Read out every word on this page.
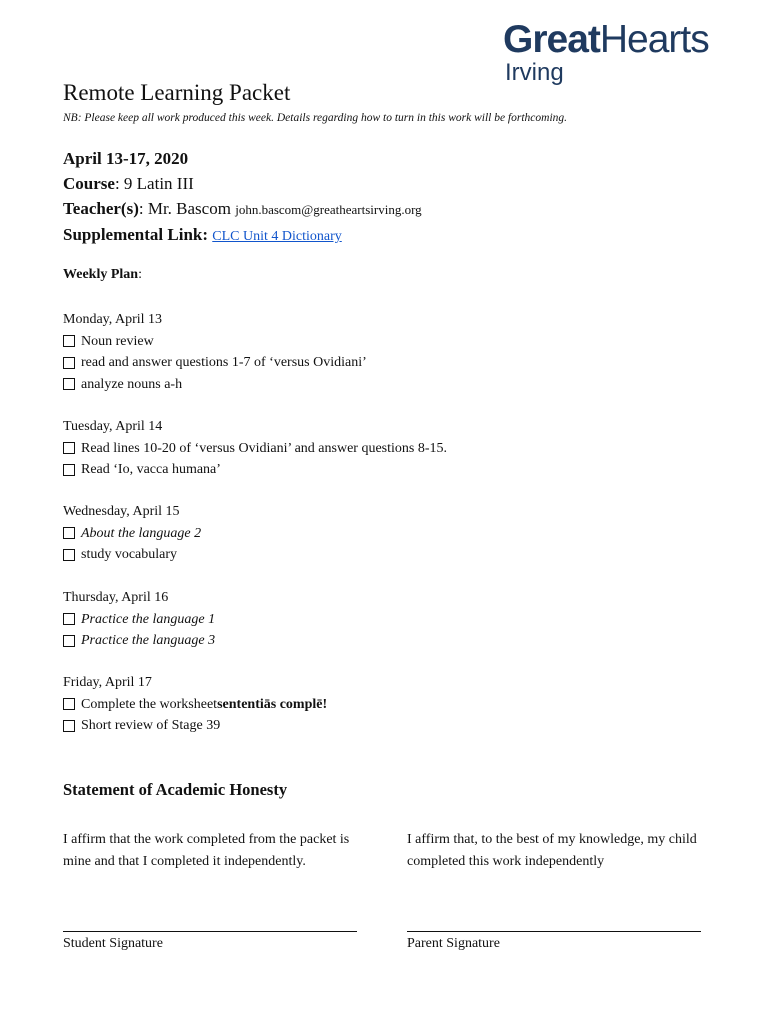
GreatHearts
Irving
Remote Learning Packet
NB: Please keep all work produced this week. Details regarding how to turn in this work will be forthcoming.
April 13-17, 2020
Course: 9 Latin III
Teacher(s): Mr. Bascom john.bascom@greatheartsirving.org
Supplemental Link: CLC Unit 4 Dictionary
Weekly Plan:
Monday, April 13
Noun review
read and answer questions 1-7 of ‘versus Ovidiani’
analyze nouns a-h
Tuesday, April 14
Read lines 10-20 of ‘versus Ovidiani’ and answer questions 8-15.
Read ‘Io, vacca humana’
Wednesday, April 15
About the language 2
study vocabulary
Thursday, April 16
Practice the language 1
Practice the language 3
Friday, April 17
Complete the worksheet sententiās complē!
Short review of Stage 39
Statement of Academic Honesty
I affirm that the work completed from the packet is mine and that I completed it independently.
I affirm that, to the best of my knowledge, my child completed this work independently
Student Signature	Parent Signature
